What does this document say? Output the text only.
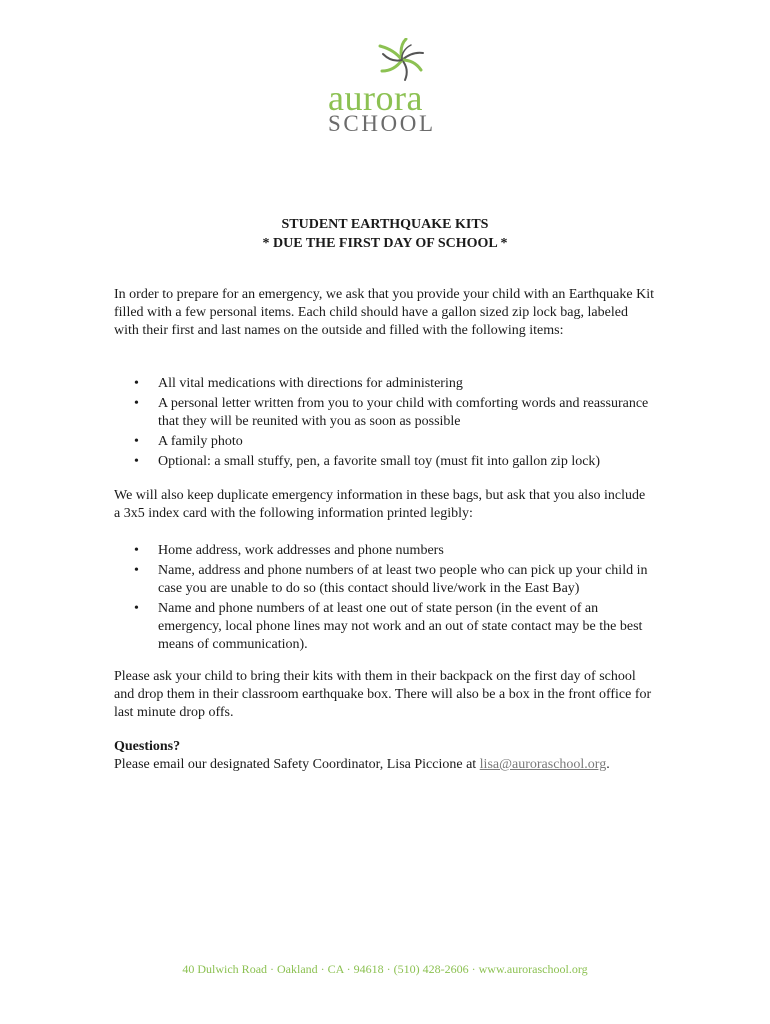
aurora
SCHOOL
STUDENT EARTHQUAKE KITS
* DUE THE FIRST DAY OF SCHOOL *

In order to prepare for an emergency, we ask that you provide your child with an Earthquake Kit filled with a few personal items. Each child should have a gallon sized zip lock bag, labeled with their first and last names on the outside and filled with the following items:

• All vital medications with directions for administering
• A personal letter written from you to your child with comforting words and reassurance that they will be reunited with you as soon as possible
• A family photo
• Optional: a small stuffy, pen, a favorite small toy (must fit into gallon zip lock)

We will also keep duplicate emergency information in these bags, but ask that you also include a 3x5 index card with the following information printed legibly:

• Home address, work addresses and phone numbers
• Name, address and phone numbers of at least two people who can pick up your child in case you are unable to do so (this contact should live/work in the East Bay)
• Name and phone numbers of at least one out of state person (in the event of an emergency, local phone lines may not work and an out of state contact may be the best means of communication).

Please ask your child to bring their kits with them in their backpack on the first day of school and drop them in their classroom earthquake box. There will also be a box in the front office for last minute drop offs.

Questions?
Please email our designated Safety Coordinator, Lisa Piccione at lisa@auroraschool.org.
40 Dulwich Road · Oakland · CA · 94618 · (510) 428-2606 · www.auroraschool.org
